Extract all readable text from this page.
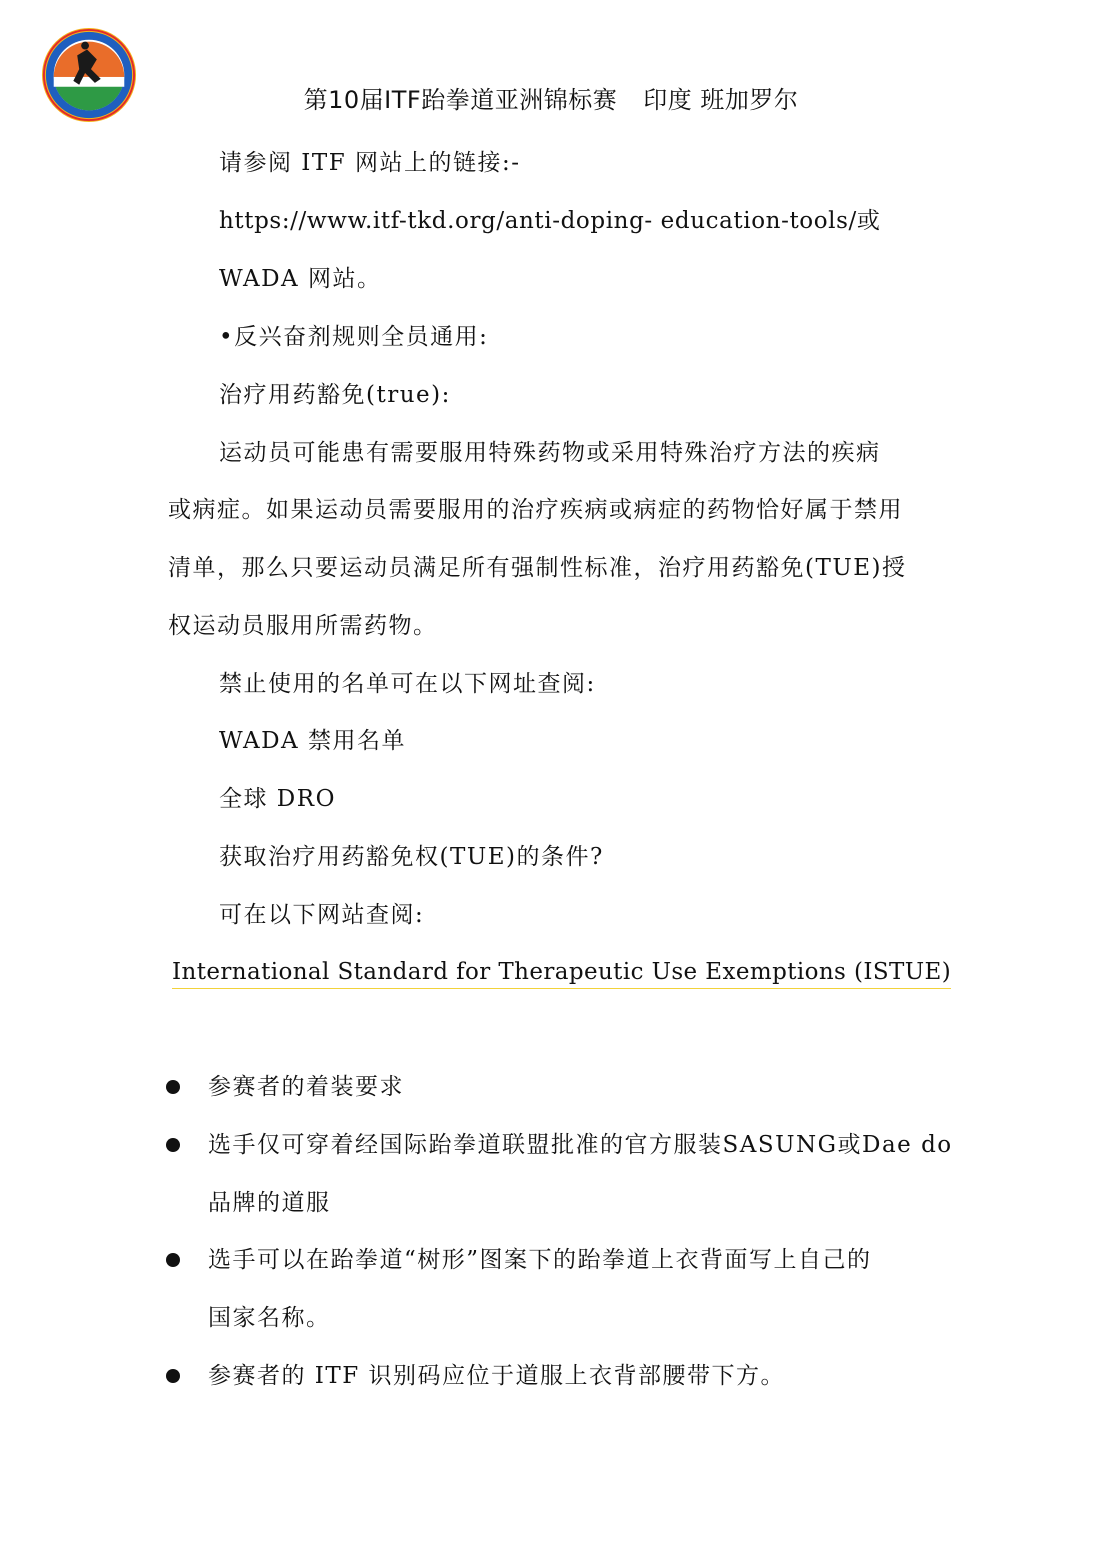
第10届ITF跆拳道亚洲锦标赛 印度 班加罗尔
请参阅 ITF 网站上的链接:-
https://www.itf-tkd.org/anti-doping- education-tools/或
WADA 网站。
•反兴奋剂规则全员通用:
治疗用药豁免(true):
运动员可能患有需要服用特殊药物或采用特殊治疗方法的疾病
或病症。如果运动员需要服用的治疗疾病或病症的药物恰好属于禁用
清单，那么只要运动员满足所有强制性标准，治疗用药豁免(TUE)授
权运动员服用所需药物。
禁止使用的名单可在以下网址查阅:
WADA 禁用名单
全球 DRO
获取治疗用药豁免权(TUE)的条件?
可在以下网站查阅:
International Standard for Therapeutic Use Exemptions (ISTUE)
参赛者的着装要求
选手仅可穿着经国际跆拳道联盟批准的官方服装SASUNG或Dae do
品牌的道服
选手可以在跆拳道“树形”图案下的跆拳道上衣背面写上自己的
国家名称。
参赛者的 ITF 识别码应位于道服上衣背部腰带下方。
